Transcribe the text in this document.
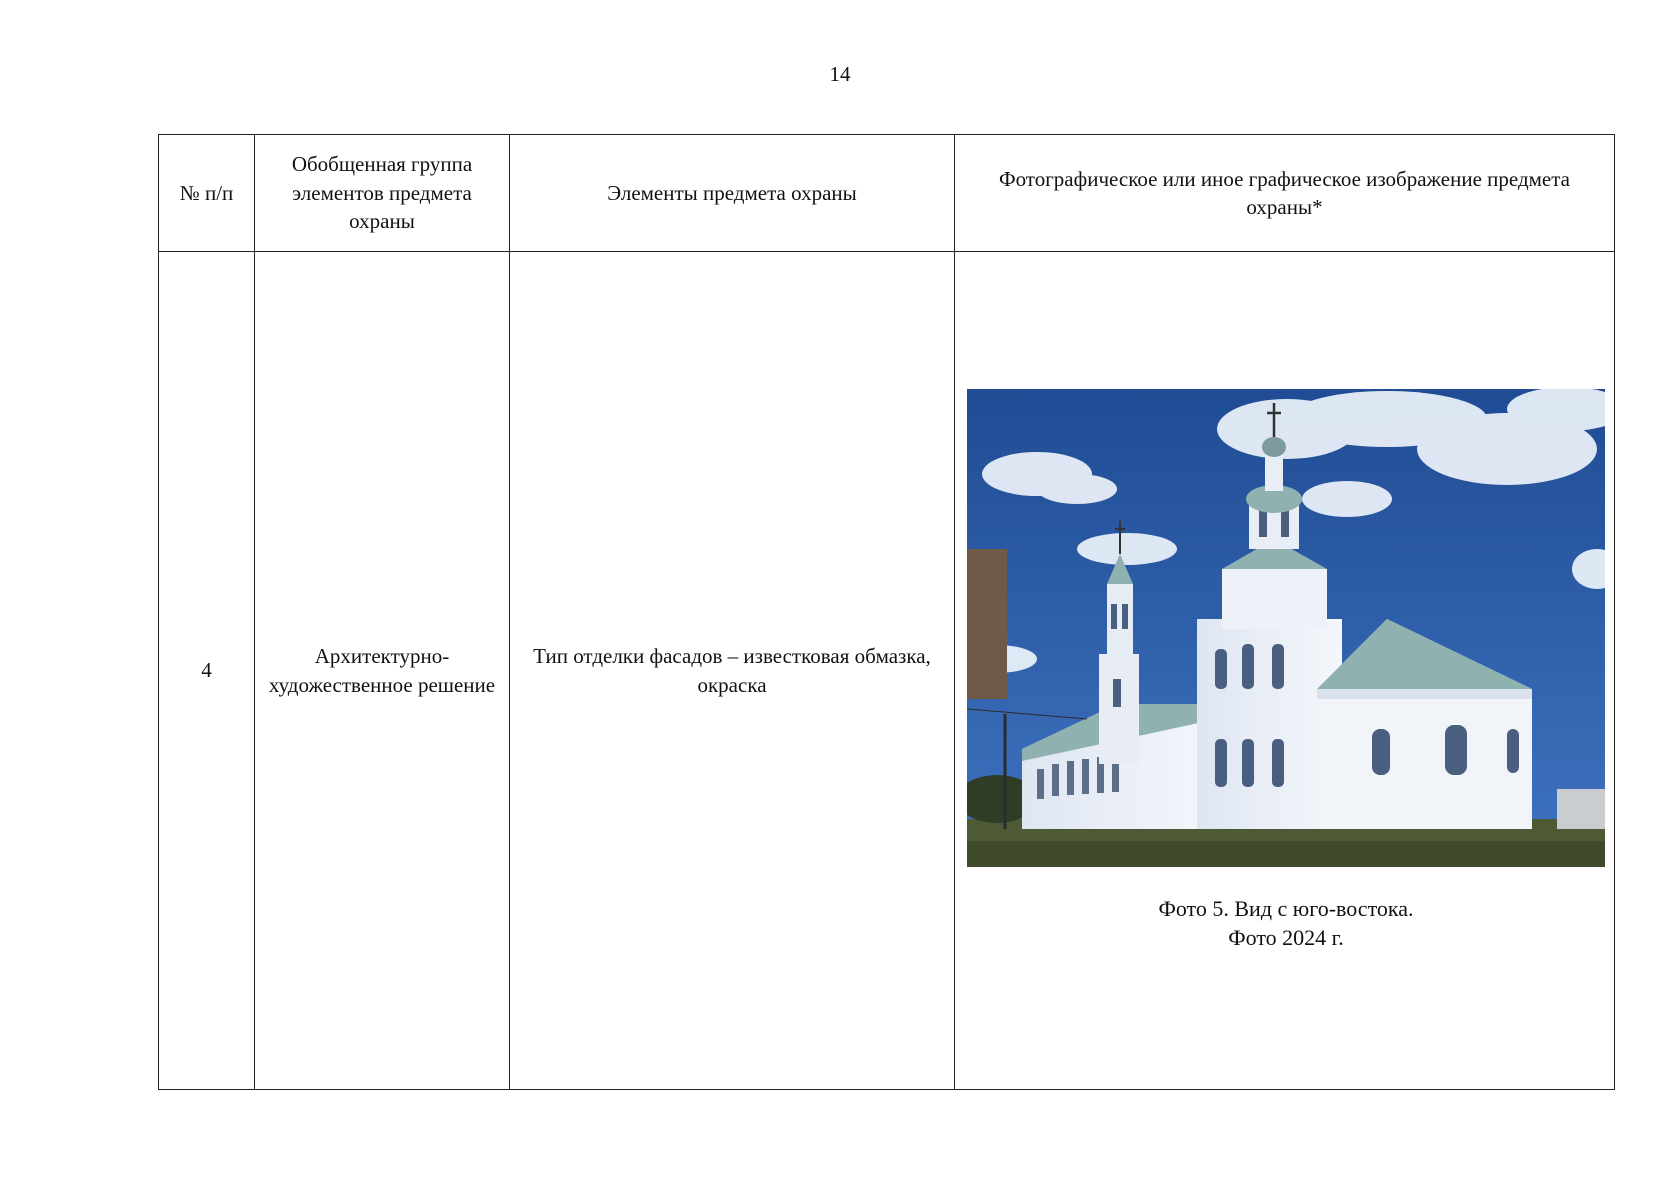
14
№ п/п	Обобщенная группа элементов предмета охраны	Элементы предмета охраны	Фотографическое или иное графическое изображение предмета охраны*
4	Архитектурно-художественное решение	Тип отделки фасадов – известковая обмазка, окраска	Фото 5. Вид с юго-востока.
Фото 2024 г.
